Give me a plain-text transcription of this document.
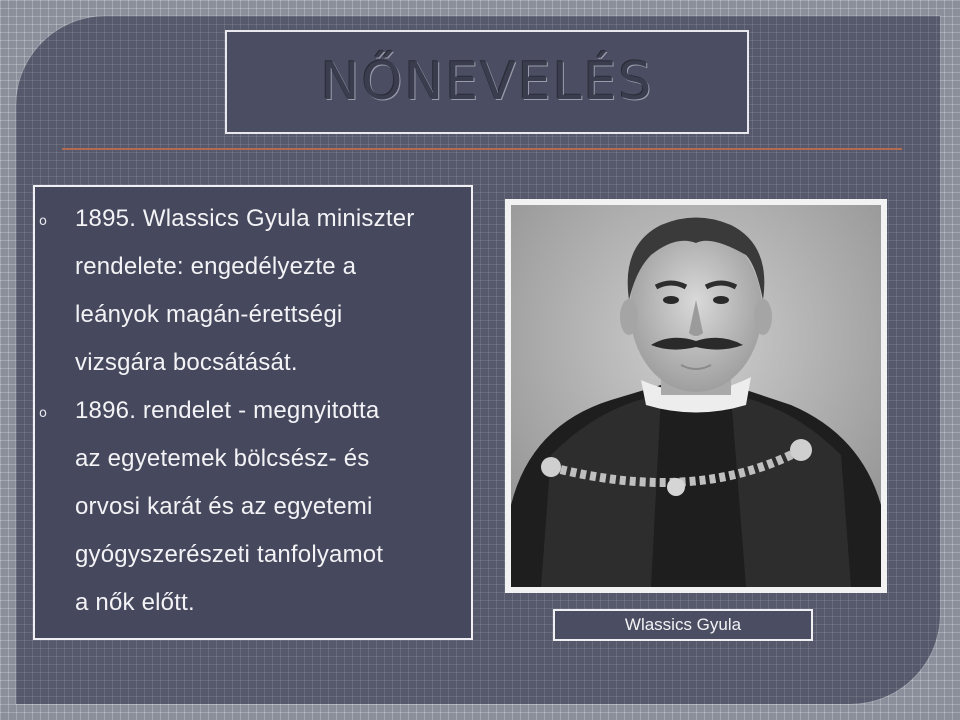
NŐNEVELÉS
o 1895. Wlassics Gyula miniszter
rendelete: engedélyezte a
leányok magán-érettségi
vizsgára bocsátását.
o 1896. rendelet - megnyitotta
az egyetemek bölcsész- és
orvosi karát és az egyetemi
gyógyszerészeti tanfolyamot
a nők előtt.
Wlassics Gyula
